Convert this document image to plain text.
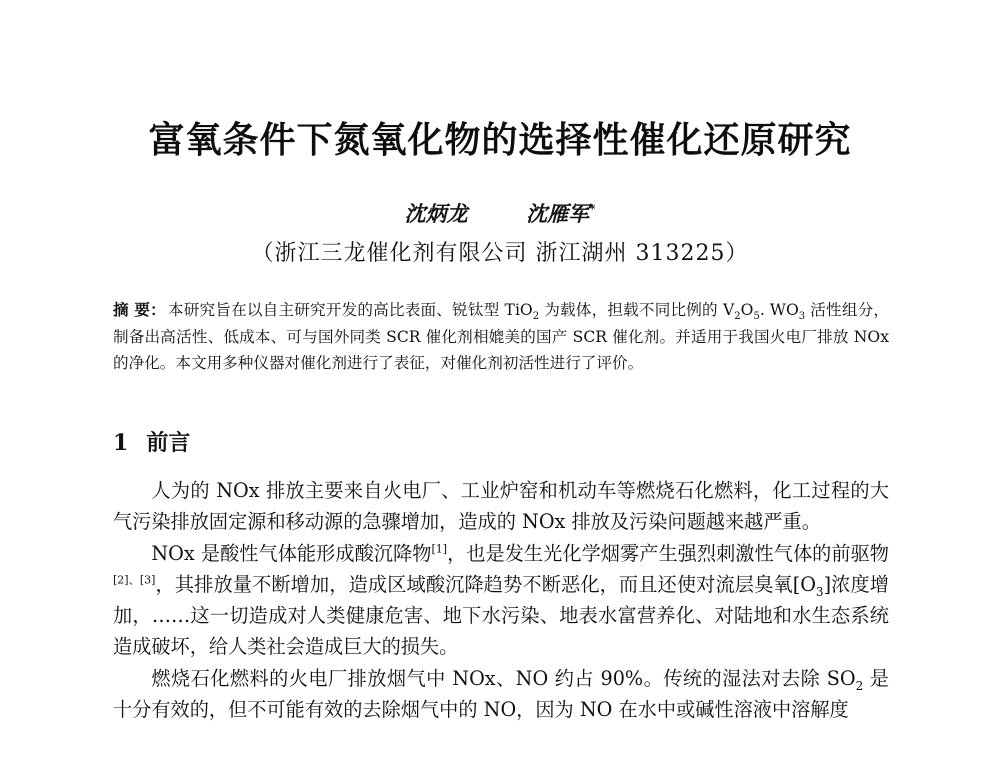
富氧条件下氮氧化物的选择性催化还原研究
沈炳龙	沈雁军*
（浙江三龙催化剂有限公司 浙江湖州 313225）

摘 要： 本研究旨在以自主研究开发的高比表面、锐钛型 TiO$_2$ 为载体，担载不同比例的 $V_2O_5$. $WO_3$ 活性组分，制备出高活性、低成本、可与国外同类 SCR 催化剂相媲美的国产 SCR 催化剂。并适用于我国火电厂排放 NOx 的净化。本文用多种仪器对催化剂进行了表征，对催化剂初活性进行了评价。

1 前言

人为的 NOx 排放主要来自火电厂、工业炉窑和机动车等燃烧石化燃料，化工过程的大气污染排放固定源和移动源的急骤增加，造成的 NOx 排放及污染问题越来越严重。

NOx 是酸性气体能形成酸沉降物[1]，也是发生光化学烟雾产生强烈刺激性气体的前驱物[2]、[3]，其排放量不断增加，造成区域酸沉降趋势不断恶化，而且还使对流层臭氧$[O_3]$浓度增加，……这一切造成对人类健康危害、地下水污染、地表水富营养化、对陆地和水生态系统造成破坏，给人类社会造成巨大的损失。

燃烧石化燃料的火电厂排放烟气中 NOx、NO 约占 90%。传统的湿法对去除 $SO_2$ 是十分有效的，但不可能有效的去除烟气中的 NO，因为 NO 在水中或碱性溶液中溶解度
